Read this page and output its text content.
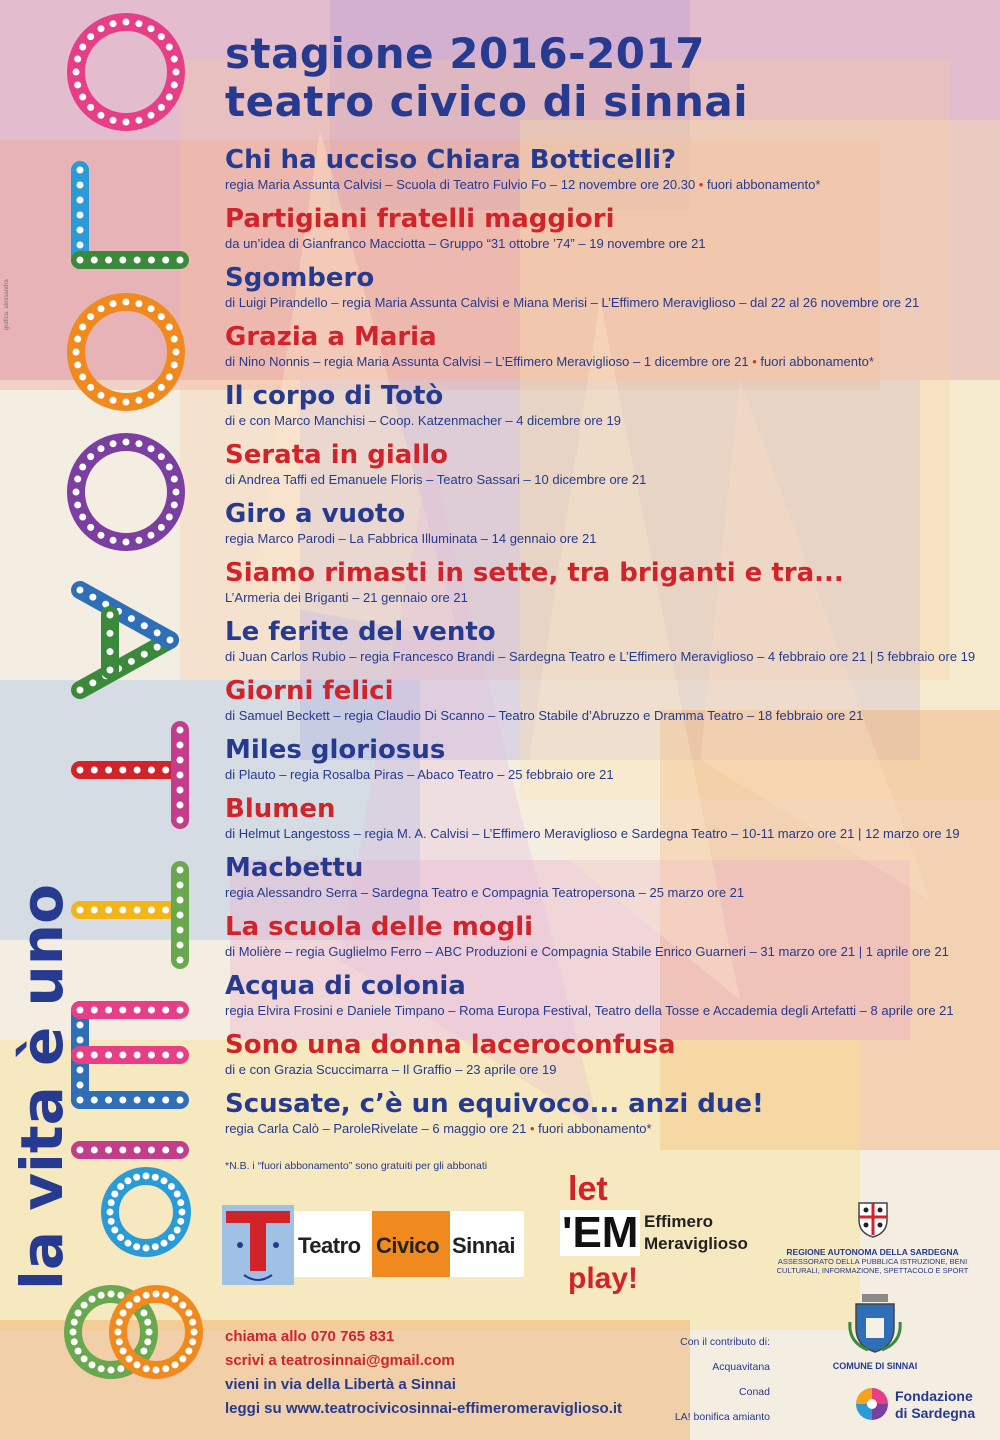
la vita è uno
grafica: alessandra
stagione 2016-2017
teatro civico di sinnai
Chi ha ucciso Chiara Botticelli?
regia Maria Assunta Calvisi – Scuola di Teatro Fulvio Fo – 12 novembre ore 20.30 • fuori abbonamento*
Partigiani fratelli maggiori
da un’idea di Gianfranco Macciotta – Gruppo “31 ottobre ’74” – 19 novembre ore 21
Sgombero
di Luigi Pirandello – regia Maria Assunta Calvisi e Miana Merisi – L’Effimero Meraviglioso – dal 22 al 26 novembre ore 21
Grazia a Maria
di Nino Nonnis – regia Maria Assunta Calvisi – L’Effimero Meraviglioso – 1 dicembre ore 21 • fuori abbonamento*
Il corpo di Totò
di e con Marco Manchisi – Coop. Katzenmacher – 4 dicembre ore 19
Serata in giallo
di Andrea Taffi ed Emanuele Floris – Teatro Sassari – 10 dicembre ore 21
Giro a vuoto
regia Marco Parodi – La Fabbrica Illuminata – 14 gennaio ore 21
Siamo rimasti in sette, tra briganti e tra...
L’Armeria dei Briganti – 21 gennaio ore 21
Le ferite del vento
di Juan Carlos Rubio – regia Francesco Brandi – Sardegna Teatro e L’Effimero Meraviglioso – 4 febbraio ore 21 | 5 febbraio ore 19
Giorni felici
di Samuel Beckett – regia Claudio Di Scanno – Teatro Stabile d’Abruzzo e Dramma Teatro – 18 febbraio ore 21
Miles gloriosus
di Plauto – regia Rosalba Piras – Abaco Teatro – 25 febbraio ore 21
Blumen
di Helmut Langestoss – regia M. A. Calvisi – L’Effimero Meraviglioso e Sardegna Teatro – 10-11 marzo ore 21 | 12 marzo ore 19
Macbettu
regia Alessandro Serra – Sardegna Teatro e Compagnia Teatropersona – 25 marzo ore 21
La scuola delle mogli
di Molière – regia Guglielmo Ferro – ABC Produzioni e Compagnia Stabile Enrico Guarneri – 31 marzo ore 21 | 1 aprile ore 21
Acqua di colonia
regia Elvira Frosini e Daniele Timpano – Roma Europa Festival, Teatro della Tosse e Accademia degli Artefatti – 8 aprile ore 21
Sono una donna laceroconfusa
di e con Grazia Scuccimarra – Il Graffio – 23 aprile ore 19
Scusate, c’è un equivoco... anzi due!
regia Carla Calò – ParoleRivelate – 6 maggio ore 21 • fuori abbonamento*
*N.B. i “fuori abbonamento” sono gratuiti per gli abbonati
Teatro Civico Sinnai
let
'EM
play!
Effimero
Meraviglioso	REGIONE AUTONOMA DELLA SARDEGNA
ASSESSORATO DELLA PUBBLICA ISTRUZIONE, BENI CULTURALI, INFORMAZIONE, SPETTACOLO E SPORT
COMUNE DI SINNAI
Fondazione
di Sardegna
chiama allo 070 765 831
scrivi a teatrosinnai@gmail.com
vieni in via della Libertà a Sinnai
leggi su www.teatrocivicosinnai-effimeromeraviglioso.it
Con il contributo di:
Acquavitana
Conad
LA! bonifica amianto
